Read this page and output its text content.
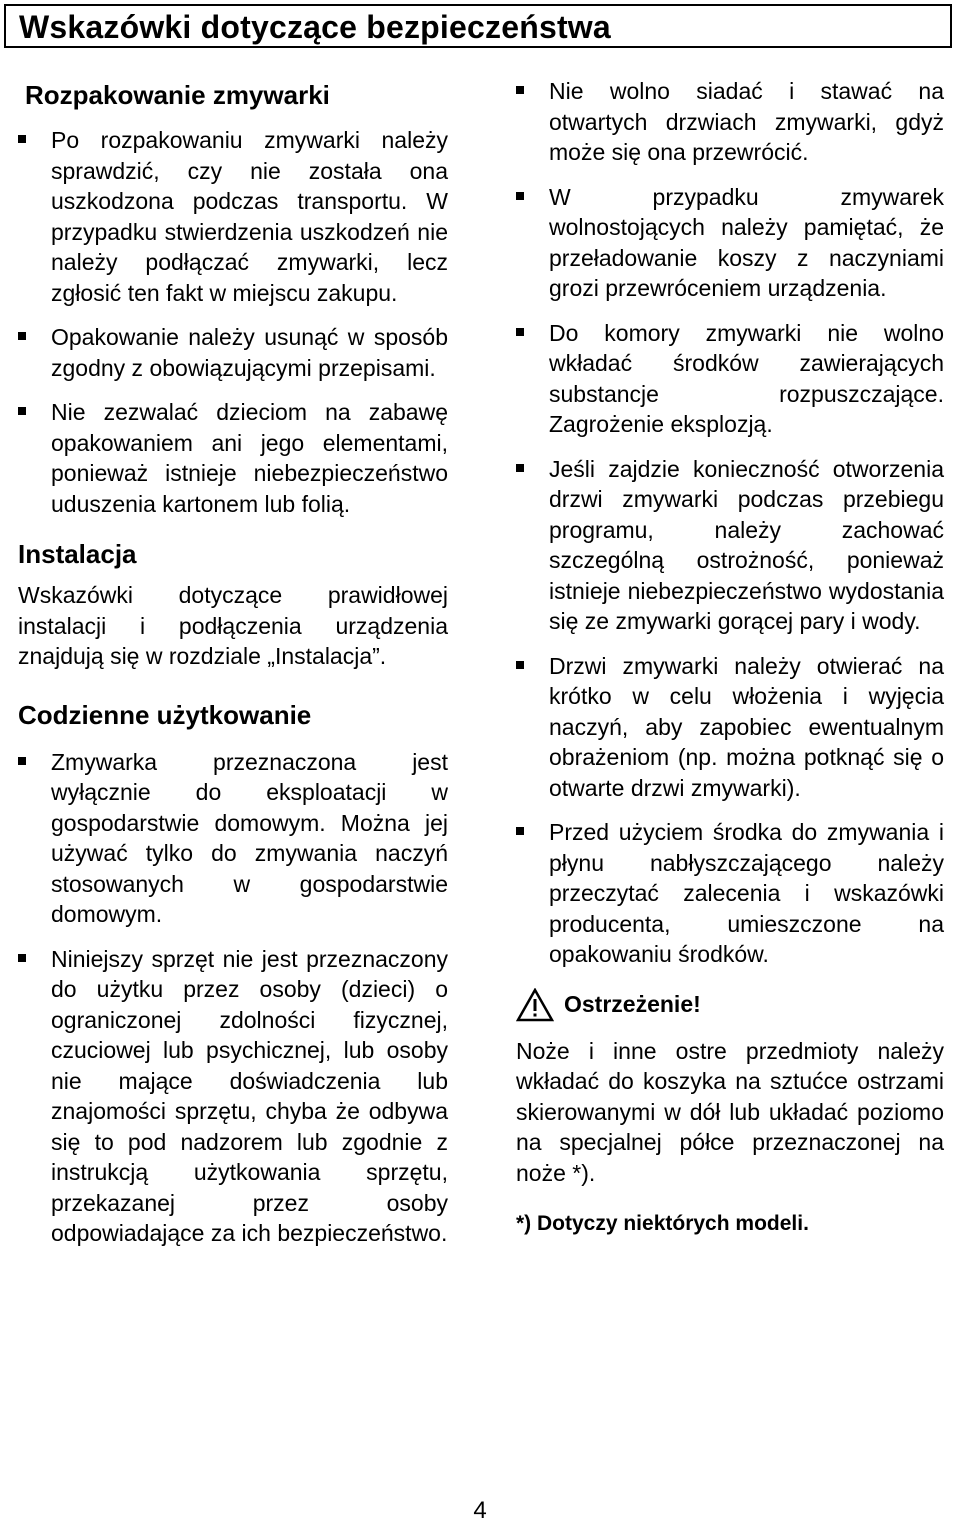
Wskazówki dotyczące bezpieczeństwa
Rozpakowanie zmywarki
Po rozpakowaniu zmywarki należy sprawdzić, czy nie została ona uszkodzona podczas transportu. W przypadku stwierdzenia uszkodzeń nie należy podłączać zmywarki, lecz zgłosić ten fakt w miejscu zakupu.
Opakowanie należy usunąć w sposób zgodny z obowiązującymi przepisami.
Nie zezwalać dzieciom na zabawę opakowaniem ani jego elementami, ponieważ istnieje niebezpieczeństwo uduszenia kartonem lub folią.
Instalacja
Wskazówki dotyczące prawidłowej instalacji i podłączenia urządzenia znajdują się w rozdziale „Instalacja”.
Codzienne użytkowanie
Zmywarka przeznaczona jest wyłącznie do eksploatacji w gospodarstwie domowym. Można jej używać tylko do zmywania naczyń stosowanych w gospodarstwie domowym.
Niniejszy sprzęt nie jest przeznaczony do użytku przez osoby (dzieci) o ograniczonej zdolności fizycznej, czuciowej lub psychicznej, lub osoby nie mające doświadczenia lub znajomości sprzętu, chyba że odbywa się to pod nadzorem lub zgodnie z instrukcją użytkowania sprzętu, przekazanej przez osoby odpowiadające za ich bezpieczeństwo.
Nie wolno siadać i stawać na otwartych drzwiach zmywarki, gdyż może się ona przewrócić.
W przypadku zmywarek wolnostojących należy pamiętać, że przeładowanie koszy z naczyniami grozi przewróceniem urządzenia.
Do komory zmywarki nie wolno wkładać środków zawierających substancje rozpuszczające. Zagrożenie eksplozją.
Jeśli zajdzie konieczność otworzenia drzwi zmywarki podczas przebiegu programu, należy zachować szczególną ostrożność, ponieważ istnieje niebezpieczeństwo wydostania się ze zmywarki gorącej pary i wody.
Drzwi zmywarki należy otwierać na krótko w celu włożenia i wyjęcia naczyń, aby zapobiec ewentualnym obrażeniom (np. można potknąć się o otwarte drzwi zmywarki).
Przed użyciem środka do zmywania i płynu nabłyszczającego należy przeczytać zalecenia i wskazówki producenta, umieszczone na opakowaniu środków.
Ostrzeżenie!
Noże i inne ostre przedmioty należy wkładać do koszyka na sztućce ostrzami skierowanymi w dół lub układać poziomo na specjalnej półce przeznaczonej na noże *).
*) Dotyczy niektórych modeli.
4
